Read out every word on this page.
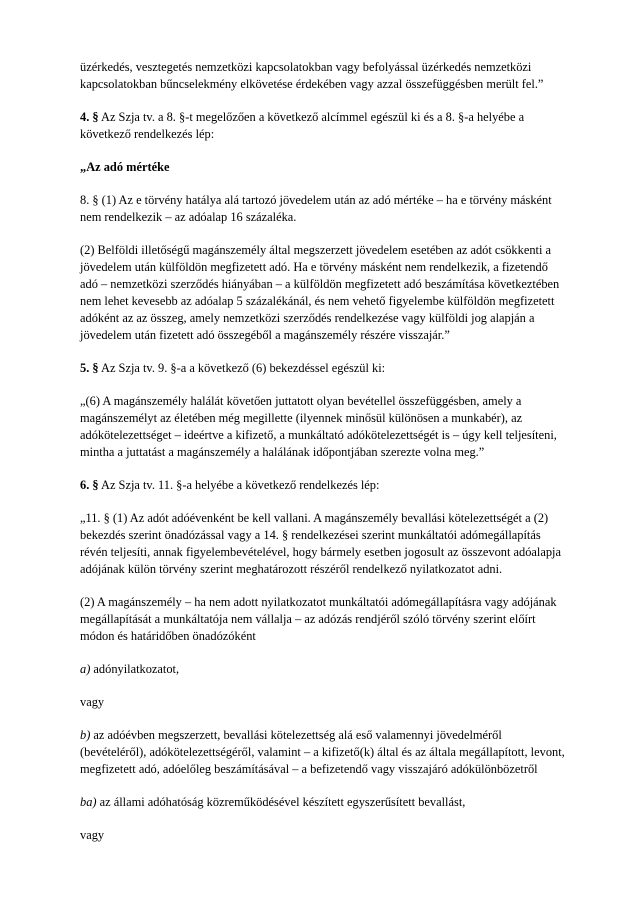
üzérkedés, vesztegetés nemzetközi kapcsolatokban vagy befolyással üzérkedés nemzetközi kapcsolatokban bűncselekmény elkövetése érdekében vagy azzal összefüggésben merült fel.”

4. § Az Szja tv. a 8. §-t megelőzően a következő alcímmel egészül ki és a 8. §-a helyébe a következő rendelkezés lép:

„Az adó mértéke

8. § (1) Az e törvény hatálya alá tartozó jövedelem után az adó mértéke – ha e törvény másként nem rendelkezik – az adóalap 16 százaléka.

(2) Belföldi illetőségű magánszemély által megszerzett jövedelem esetében az adót csökkenti a jövedelem után külföldön megfizetett adó. Ha e törvény másként nem rendelkezik, a fizetendő adó – nemzetközi szerződés hiányában – a külföldön megfizetett adó beszámítása következtében nem lehet kevesebb az adóalap 5 százalékánál, és nem vehető figyelembe külföldön megfizetett adóként az az összeg, amely nemzetközi szerződés rendelkezése vagy külföldi jog alapján a jövedelem után fizetett adó összegéből a magánszemély részére visszajár.”

5. § Az Szja tv. 9. §-a a következő (6) bekezdéssel egészül ki:

„(6) A magánszemély halálát követően juttatott olyan bevétellel összefüggésben, amely a magánszemélyt az életében még megillette (ilyennek minősül különösen a munkabér), az adókötelezettséget – ideértve a kifizető, a munkáltató adókötelezettségét is – úgy kell teljesíteni, mintha a juttatást a magánszemély a halálának időpontjában szerezte volna meg.”

6. § Az Szja tv. 11. §-a helyébe a következő rendelkezés lép:

„11. § (1) Az adót adóévenként be kell vallani. A magánszemély bevallási kötelezettségét a (2) bekezdés szerint önadózással vagy a 14. § rendelkezései szerint munkáltatói adómegállapítás révén teljesíti, annak figyelembevételével, hogy bármely esetben jogosult az összevont adóalapja adójának külön törvény szerint meghatározott részéről rendelkező nyilatkozatot adni.

(2) A magánszemély – ha nem adott nyilatkozatot munkáltatói adómegállapításra vagy adójának megállapítását a munkáltatója nem vállalja – az adózás rendjéről szóló törvény szerint előírt módon és határidőben önadózóként

a) adónyilatkozatot,

vagy

b) az adóévben megszerzett, bevallási kötelezettség alá eső valamennyi jövedelméről (bevételéről), adókötelezettségéről, valamint – a kifizető(k) által és az általa megállapított, levont, megfizetett adó, adóelőleg beszámításával – a befizetendő vagy visszajáró adókülönbözetről

ba) az állami adóhatóság közreműködésével készített egyszerűsített bevallást,

vagy
